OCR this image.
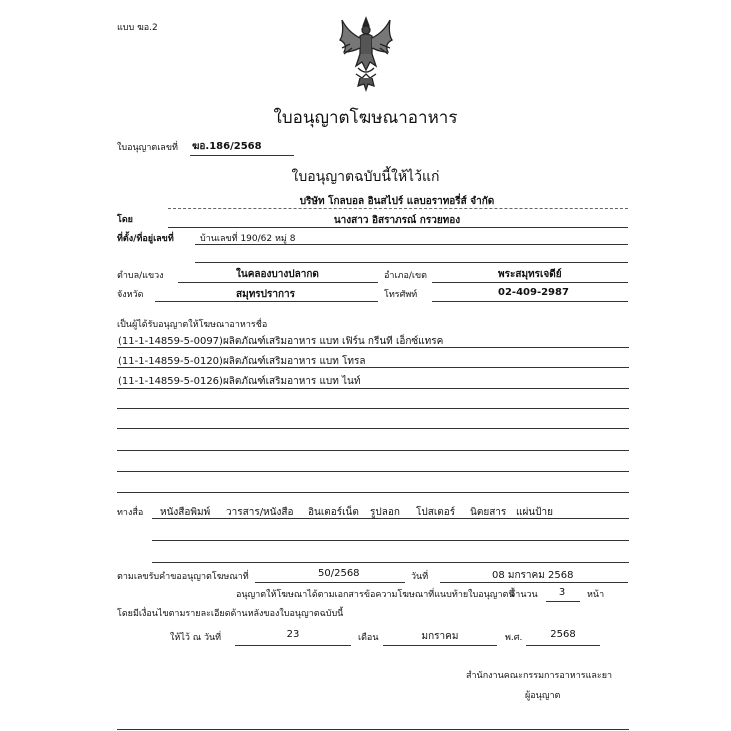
แบบ ฆอ.2
ใบอนุญาตโฆษณาอาหาร
ใบอนุญาตเลขที่ ฆอ.186/2568
ใบอนุญาตฉบับนี้ให้ไว้แก่
บริษัท โกลบอล อินสไปร์ แลบอราทอรี่ส์ จำกัด
โดย	นางสาว อิสราภรณ์ กรวยทอง
ที่ตั้ง/ที่อยู่เลขที่	บ้านเลขที่ 190/62 หมู่ 8
ตำบล/แขวง	ในคลองบางปลากด	อำเภอ/เขต	พระสมุทรเจดีย์
จังหวัด	สมุทรปราการ	โทรศัพท์	02-409-2987
เป็นผู้ได้รับอนุญาตให้โฆษณาอาหารชื่อ
(11-1-14859-5-0097)ผลิตภัณฑ์เสริมอาหาร แบท เฟิร์น กรีนที เอ็กซ์แทรค
(11-1-14859-5-0120)ผลิตภัณฑ์เสริมอาหาร แบท โทรล
(11-1-14859-5-0126)ผลิตภัณฑ์เสริมอาหาร แบท ไนท์
ทางสื่อ หนังสือพิมพ์ วารสาร/หนังสือ อินเตอร์เน็ต รูปลอก โปสเตอร์ นิตยสาร แผ่นป้าย
ตามเลขรับคำขออนุญาตโฆษณาที่	50/2568	วันที่	08 มกราคม 2568
อนุญาตให้โฆษณาได้ตามเอกสารข้อความโฆษณาที่แนบท้ายใบอนุญาตนี้
จำนวน	3	หน้า
โดยมีเงื่อนไขตามรายละเอียดด้านหลังของใบอนุญาตฉบับนี้
ให้ไว้ ณ วันที่	23	เดือน	มกราคม	พ.ศ.	2568
สำนักงานคณะกรรมการอาหารและยา
ผู้อนุญาต
